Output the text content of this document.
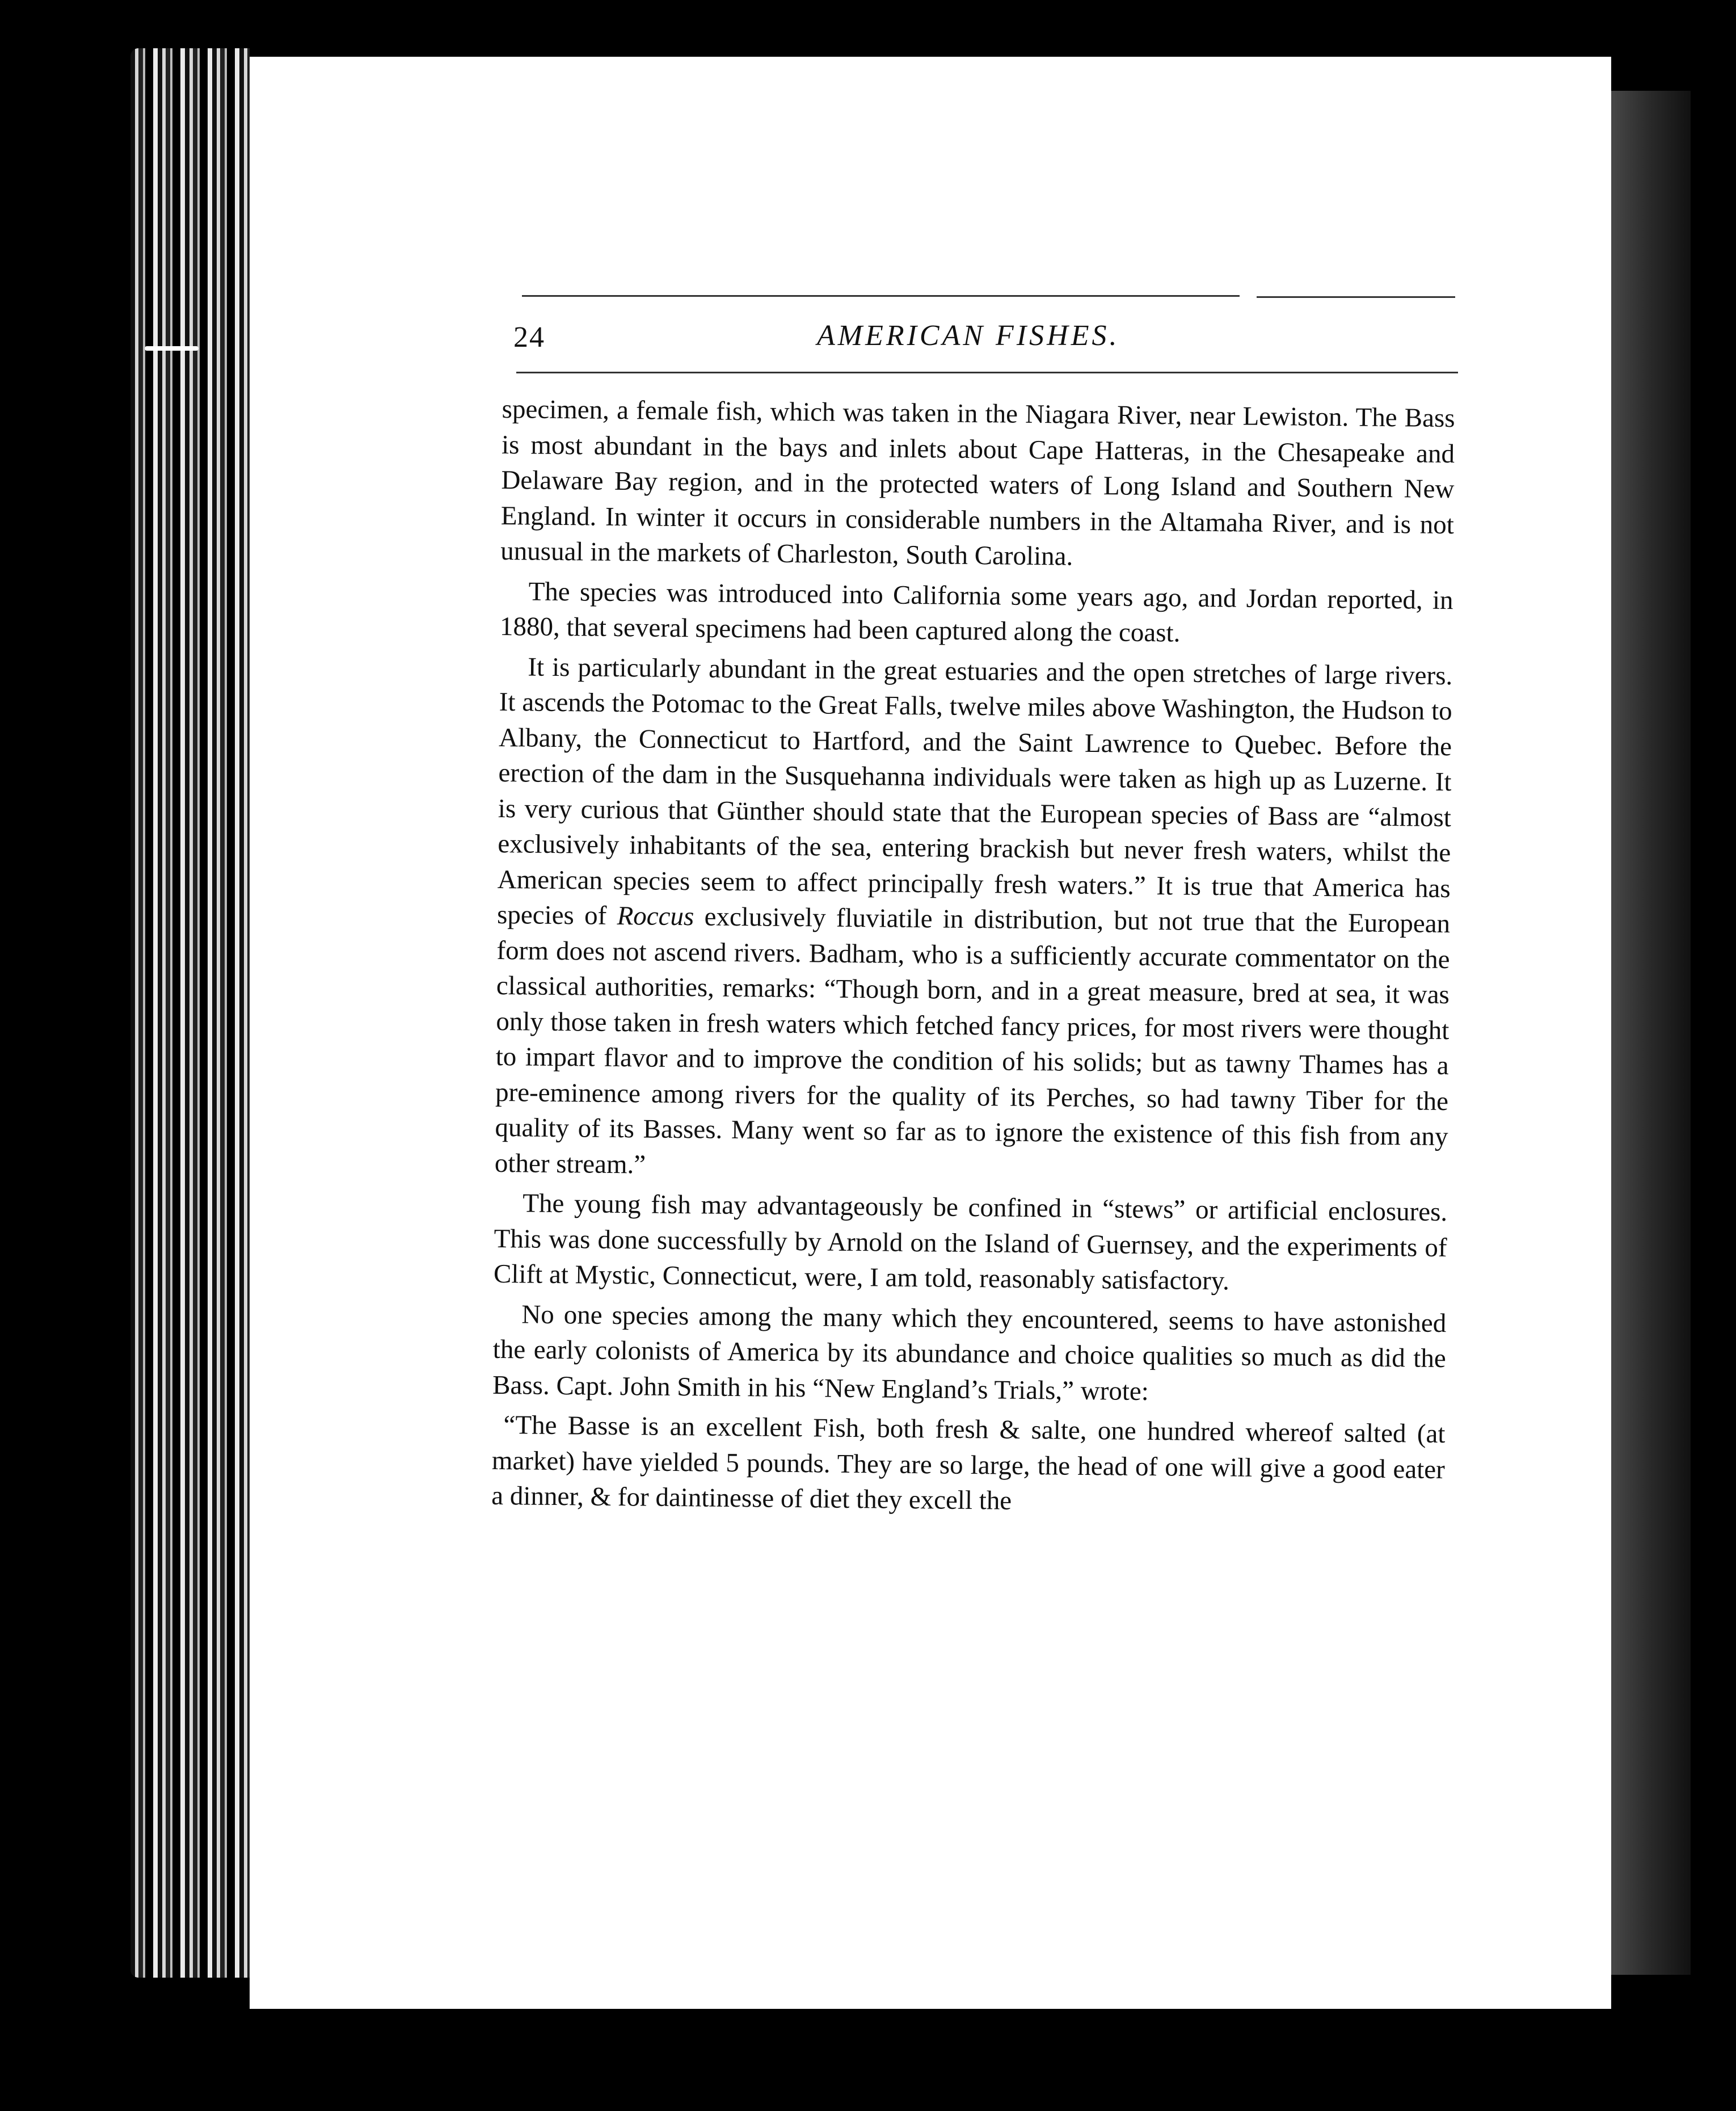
24	AMERICAN FISHES.

specimen, a female fish, which was taken in the Niagara River, near Lewiston. The Bass is most abundant in the bays and inlets about Cape Hatteras, in the Chesapeake and Delaware Bay region, and in the protected waters of Long Island and Southern New England. In winter it occurs in considerable numbers in the Altamaha River, and is not unusual in the markets of Charleston, South Carolina.

The species was introduced into California some years ago, and Jordan reported, in 1880, that several specimens had been captured along the coast.

It is particularly abundant in the great estuaries and the open stretches of large rivers. It ascends the Potomac to the Great Falls, twelve miles above Washington, the Hudson to Albany, the Connecticut to Hartford, and the Saint Lawrence to Quebec. Before the erection of the dam in the Susquehanna individuals were taken as high up as Luzerne. It is very curious that Günther should state that the European species of Bass are “almost exclusively inhabitants of the sea, entering brackish but never fresh waters, whilst the American species seem to affect principally fresh waters.” It is true that America has species of Roccus exclusively fluviatile in distribution, but not true that the European form does not ascend rivers. Badham, who is a sufficiently accurate commentator on the classical authorities, remarks: “Though born, and in a great measure, bred at sea, it was only those taken in fresh waters which fetched fancy prices, for most rivers were thought to impart flavor and to improve the condition of his solids; but as tawny Thames has a pre-eminence among rivers for the quality of its Perches, so had tawny Tiber for the quality of its Basses. Many went so far as to ignore the existence of this fish from any other stream.”

The young fish may advantageously be confined in “stews” or artificial enclosures. This was done successfully by Arnold on the Island of Guernsey, and the experiments of Clift at Mystic, Connecticut, were, I am told, reasonably satisfactory.

No one species among the many which they encountered, seems to have astonished the early colonists of America by its abundance and choice qualities so much as did the Bass. Capt. John Smith in his “New England’s Trials,” wrote:

“The Basse is an excellent Fish, both fresh & salte, one hundred whereof salted (at market) have yielded 5 pounds. They are so large, the head of one will give a good eater a dinner, & for daintinesse of diet they excell the
